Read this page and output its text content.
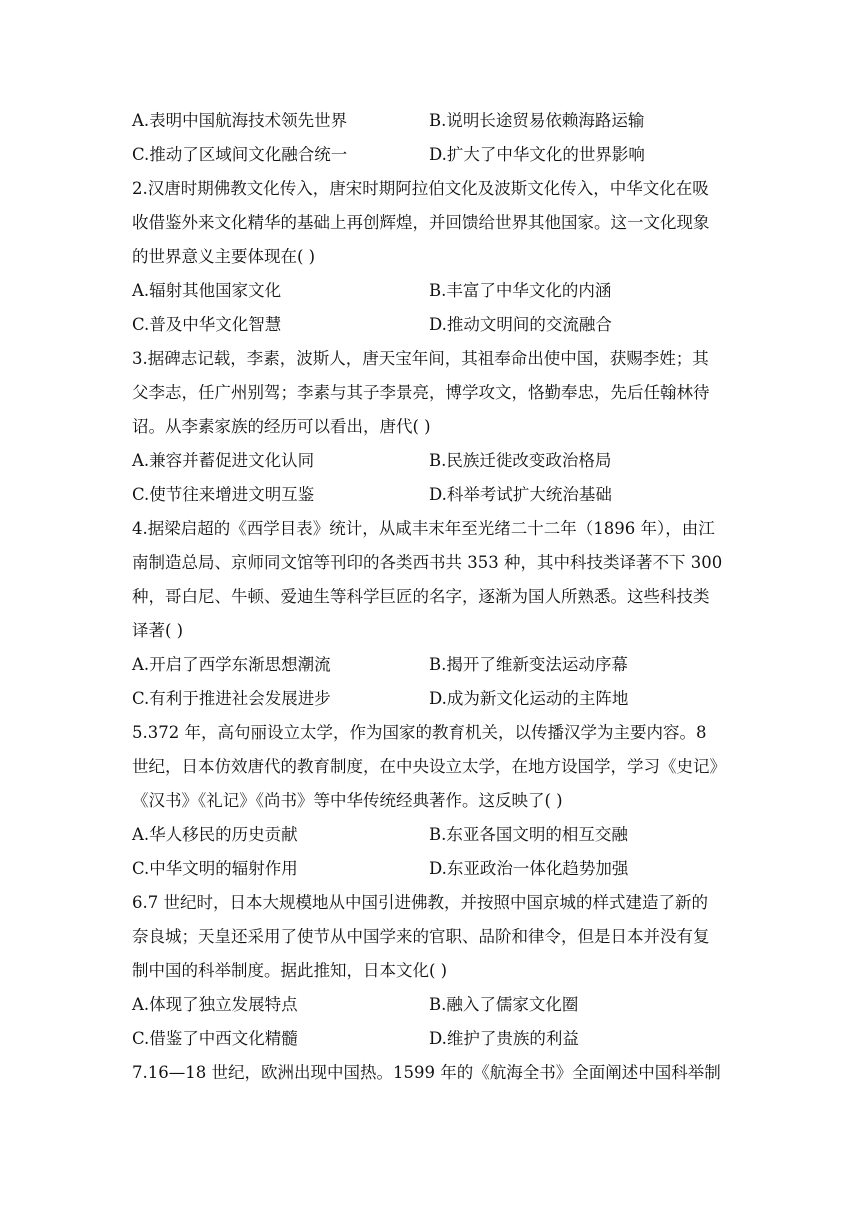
A.表明中国航海技术领先世界	B.说明长途贸易依赖海路运输
C.推动了区域间文化融合统一	D.扩大了中华文化的世界影响
2.汉唐时期佛教文化传入，唐宋时期阿拉伯文化及波斯文化传入，中华文化在吸
收借鉴外来文化精华的基础上再创辉煌，并回馈给世界其他国家。这一文化现象
的世界意义主要体现在( )
A.辐射其他国家文化	B.丰富了中华文化的内涵
C.普及中华文化智慧	D.推动文明间的交流融合
3.据碑志记载，李素，波斯人，唐天宝年间，其祖奉命出使中国，获赐李姓；其
父李志，任广州别驾；李素与其子李景亮，博学攻文，恪勤奉忠，先后任翰林待
诏。从李素家族的经历可以看出，唐代( )
A.兼容并蓄促进文化认同	B.民族迁徙改变政治格局
C.使节往来增进文明互鉴	D.科举考试扩大统治基础
4.据梁启超的《西学目表》统计，从咸丰末年至光绪二十二年（1896 年），由江
南制造总局、京师同文馆等刊印的各类西书共 353 种，其中科技类译著不下 300
种，哥白尼、牛顿、爱迪生等科学巨匠的名字，逐渐为国人所熟悉。这些科技类
译著( )
A.开启了西学东渐思想潮流	B.揭开了维新变法运动序幕
C.有利于推进社会发展进步	D.成为新文化运动的主阵地
5.372 年，高句丽设立太学，作为国家的教育机关，以传播汉学为主要内容。8
世纪，日本仿效唐代的教育制度，在中央设立太学，在地方设国学，学习《史记》
《汉书》《礼记》《尚书》等中华传统经典著作。这反映了( )
A.华人移民的历史贡献	B.东亚各国文明的相互交融
C.中华文明的辐射作用	D.东亚政治一体化趋势加强
6.7 世纪时，日本大规模地从中国引进佛教，并按照中国京城的样式建造了新的
奈良城；天皇还采用了使节从中国学来的官职、品阶和律令，但是日本并没有复
制中国的科举制度。据此推知，日本文化( )
A.体现了独立发展特点	B.融入了儒家文化圈
C.借鉴了中西文化精髓	D.维护了贵族的利益
7.16—18 世纪，欧洲出现中国热。1599 年的《航海全书》全面阐述中国科举制
